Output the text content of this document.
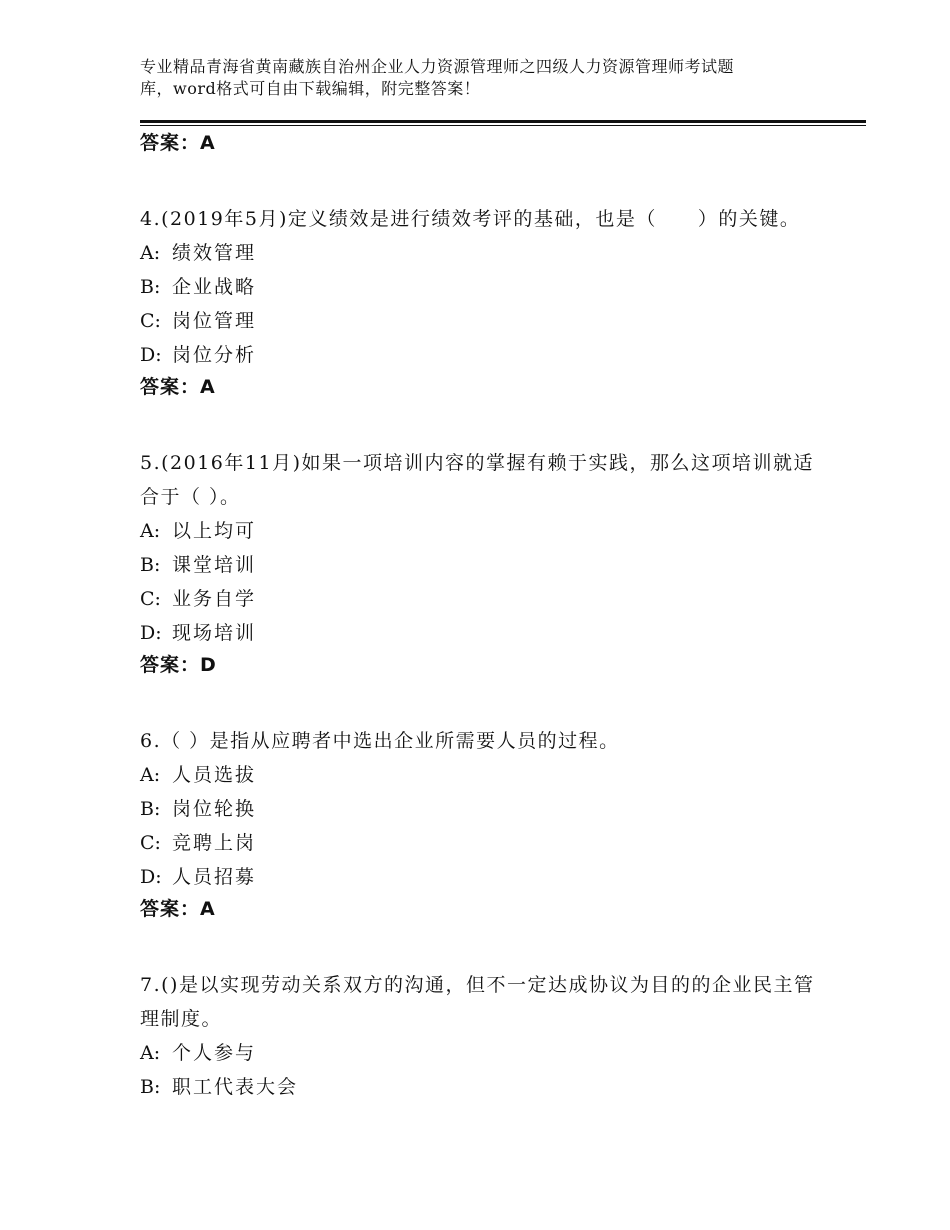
专业精品青海省黄南藏族自治州企业人力资源管理师之四级人力资源管理师考试题
库，word格式可自由下载编辑，附完整答案！
答案：A
4.(2019年5月)定义绩效是进行绩效考评的基础，也是（　　）的关键。
A: 绩效管理
B: 企业战略
C: 岗位管理
D: 岗位分析
答案：A
5.(2016年11月)如果一项培训内容的掌握有赖于实践，那么这项培训就适合于（ ）。
A: 以上均可
B: 课堂培训
C: 业务自学
D: 现场培训
答案：D
6.（ ）是指从应聘者中选出企业所需要人员的过程。
A: 人员选拔
B: 岗位轮换
C: 竞聘上岗
D: 人员招募
答案：A
7.()是以实现劳动关系双方的沟通，但不一定达成协议为目的的企业民主管理制度。
A: 个人参与
B: 职工代表大会
